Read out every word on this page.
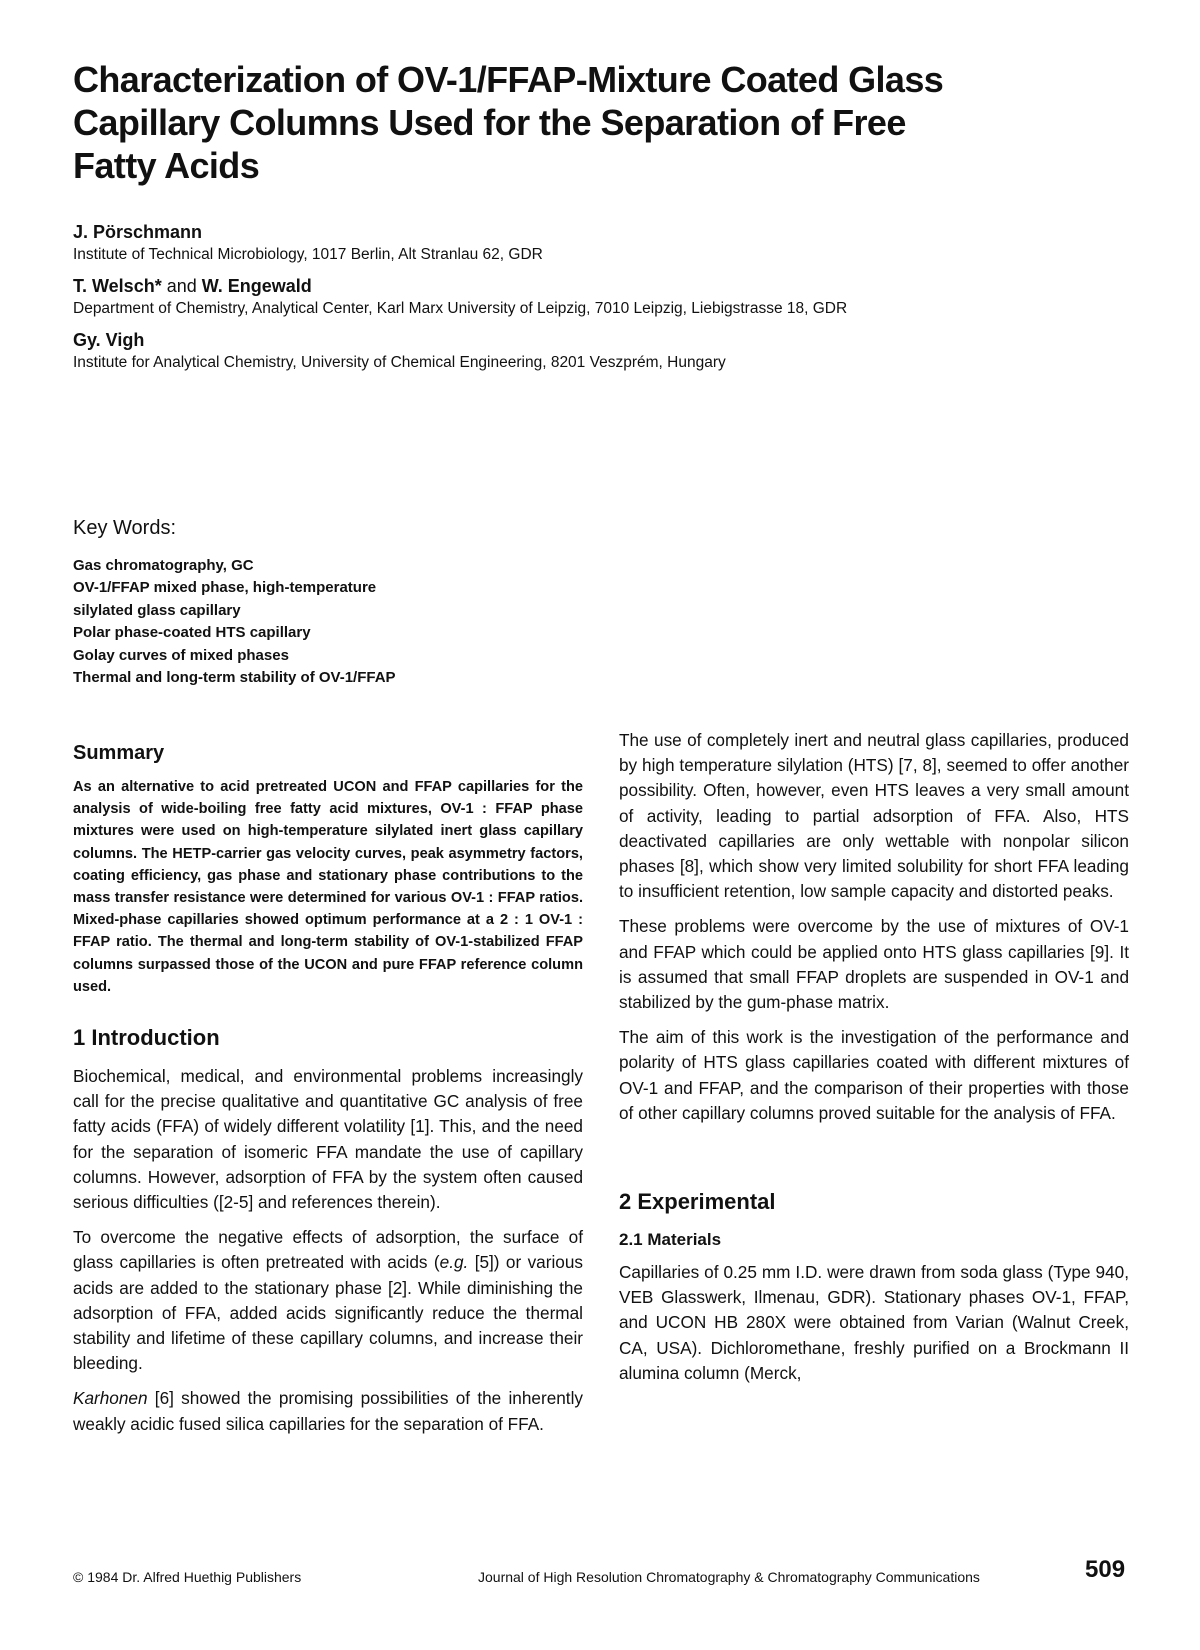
Characterization of OV-1/FFAP-Mixture Coated Glass
Capillary Columns Used for the Separation of Free
Fatty Acids
J. Pörschmann
Institute of Technical Microbiology, 1017 Berlin, Alt Stranlau 62, GDR
T. Welsch* and W. Engewald
Department of Chemistry, Analytical Center, Karl Marx University of Leipzig, 7010 Leipzig, Liebigstrasse 18, GDR
Gy. Vigh
Institute for Analytical Chemistry, University of Chemical Engineering, 8201 Veszprém, Hungary
Key Words:
Gas chromatography, GC
OV-1/FFAP mixed phase, high-temperature
silylated glass capillary
Polar phase-coated HTS capillary
Golay curves of mixed phases
Thermal and long-term stability of OV-1/FFAP
Summary

As an alternative to acid pretreated UCON and FFAP capillaries for the analysis of wide-boiling free fatty acid mixtures, OV-1 : FFAP phase mixtures were used on high-temperature silylated inert glass capillary columns. The HETP-carrier gas velocity curves, peak asymmetry factors, coating efficiency, gas phase and stationary phase contributions to the mass transfer resistance were determined for various OV-1 : FFAP ratios. Mixed-phase capillaries showed optimum performance at a 2 : 1 OV-1 : FFAP ratio. The thermal and long-term stability of OV-1-stabilized FFAP columns surpassed those of the UCON and pure FFAP reference column used.

1 Introduction

Biochemical, medical, and environmental problems increasingly call for the precise qualitative and quantitative GC analysis of free fatty acids (FFA) of widely different volatility [1]. This, and the need for the separation of isomeric FFA mandate the use of capillary columns. However, adsorption of FFA by the system often caused serious difficulties ([2-5] and references therein).

To overcome the negative effects of adsorption, the surface of glass capillaries is often pretreated with acids (e.g. [5]) or various acids are added to the stationary phase [2]. While diminishing the adsorption of FFA, added acids significantly reduce the thermal stability and lifetime of these capillary columns, and increase their bleeding.

Karhonen [6] showed the promising possibilities of the inherently weakly acidic fused silica capillaries for the separation of FFA.

The use of completely inert and neutral glass capillaries, produced by high temperature silylation (HTS) [7, 8], seemed to offer another possibility. Often, however, even HTS leaves a very small amount of activity, leading to partial adsorption of FFA. Also, HTS deactivated capillaries are only wettable with nonpolar silicon phases [8], which show very limited solubility for short FFA leading to insufficient retention, low sample capacity and distorted peaks.

These problems were overcome by the use of mixtures of OV-1 and FFAP which could be applied onto HTS glass capillaries [9]. It is assumed that small FFAP droplets are suspended in OV-1 and stabilized by the gum-phase matrix.

The aim of this work is the investigation of the performance and polarity of HTS glass capillaries coated with different mixtures of OV-1 and FFAP, and the comparison of their properties with those of other capillary columns proved suitable for the analysis of FFA.

2 Experimental
2.1 Materials

Capillaries of 0.25 mm I.D. were drawn from soda glass (Type 940, VEB Glasswerk, Ilmenau, GDR). Stationary phases OV-1, FFAP, and UCON HB 280X were obtained from Varian (Walnut Creek, CA, USA). Dichloromethane, freshly purified on a Brockmann II alumina column (Merck,

© 1984 Dr. Alfred Huethig Publishers	Journal of High Resolution Chromatography & Chromatography Communications	509
